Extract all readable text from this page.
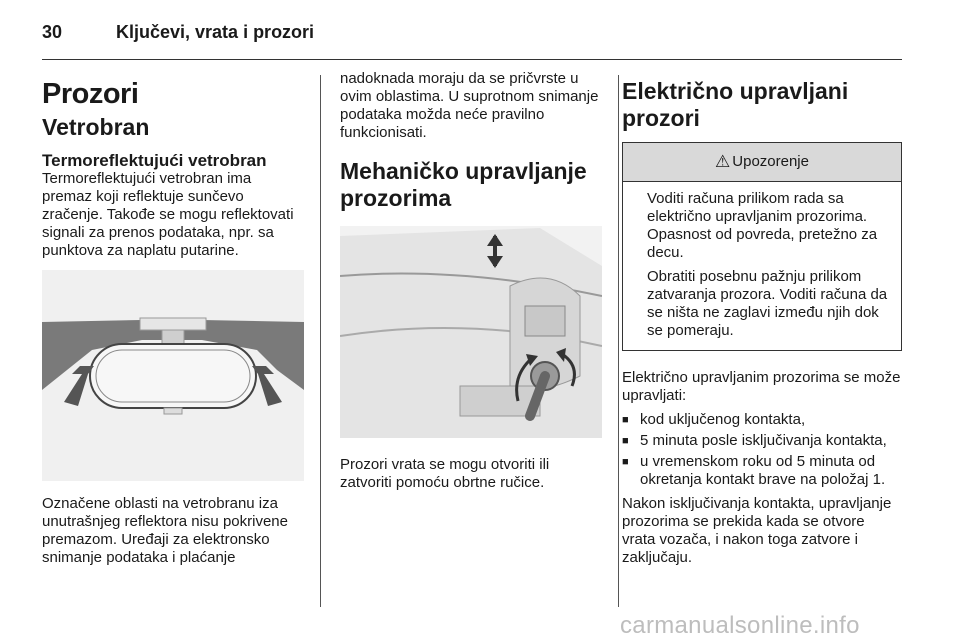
30	Ključevi, vrata i prozori
Prozori
Vetrobran
Termoreflektujući vetrobran

Termoreflektujući vetrobran ima premaz koji reflektuje sunčevo zračenje. Takođe se mogu reflektovati signali za prenos podataka, npr. sa punktova za naplatu putarine.

Označene oblasti na vetrobranu iza unutrašnjeg reflektora nisu pokrivene premazom. Uređaji za elektronsko snimanje podataka i plaćanje

nadoknada moraju da se pričvrste u ovim oblastima. U suprotnom snimanje podataka možda neće pravilno funkcionisati.

Mehaničko upravljanje prozorima

Prozori vrata se mogu otvoriti ili zatvoriti pomoću obrtne ručice.

Električno upravljani prozori
⚠ Upozorenje

Voditi računa prilikom rada sa električno upravljanim prozorima. Opasnost od povreda, pretežno za decu.

Obratiti posebnu pažnju prilikom zatvaranja prozora. Voditi računa da se ništa ne zaglavi između njih dok se pomeraju.

Električno upravljanim prozorima se može upravljati:

■ kod uključenog kontakta,
■ 5 minuta posle isključivanja kontakta,
■ u vremenskom roku od 5 minuta od okretanja kontakt brave na položaj 1.

Nakon isključivanja kontakta, upravljanje prozorima se prekida kada se otvore vrata vozača, i nakon toga zatvore i zaključaju.

carmanualsonline.info
